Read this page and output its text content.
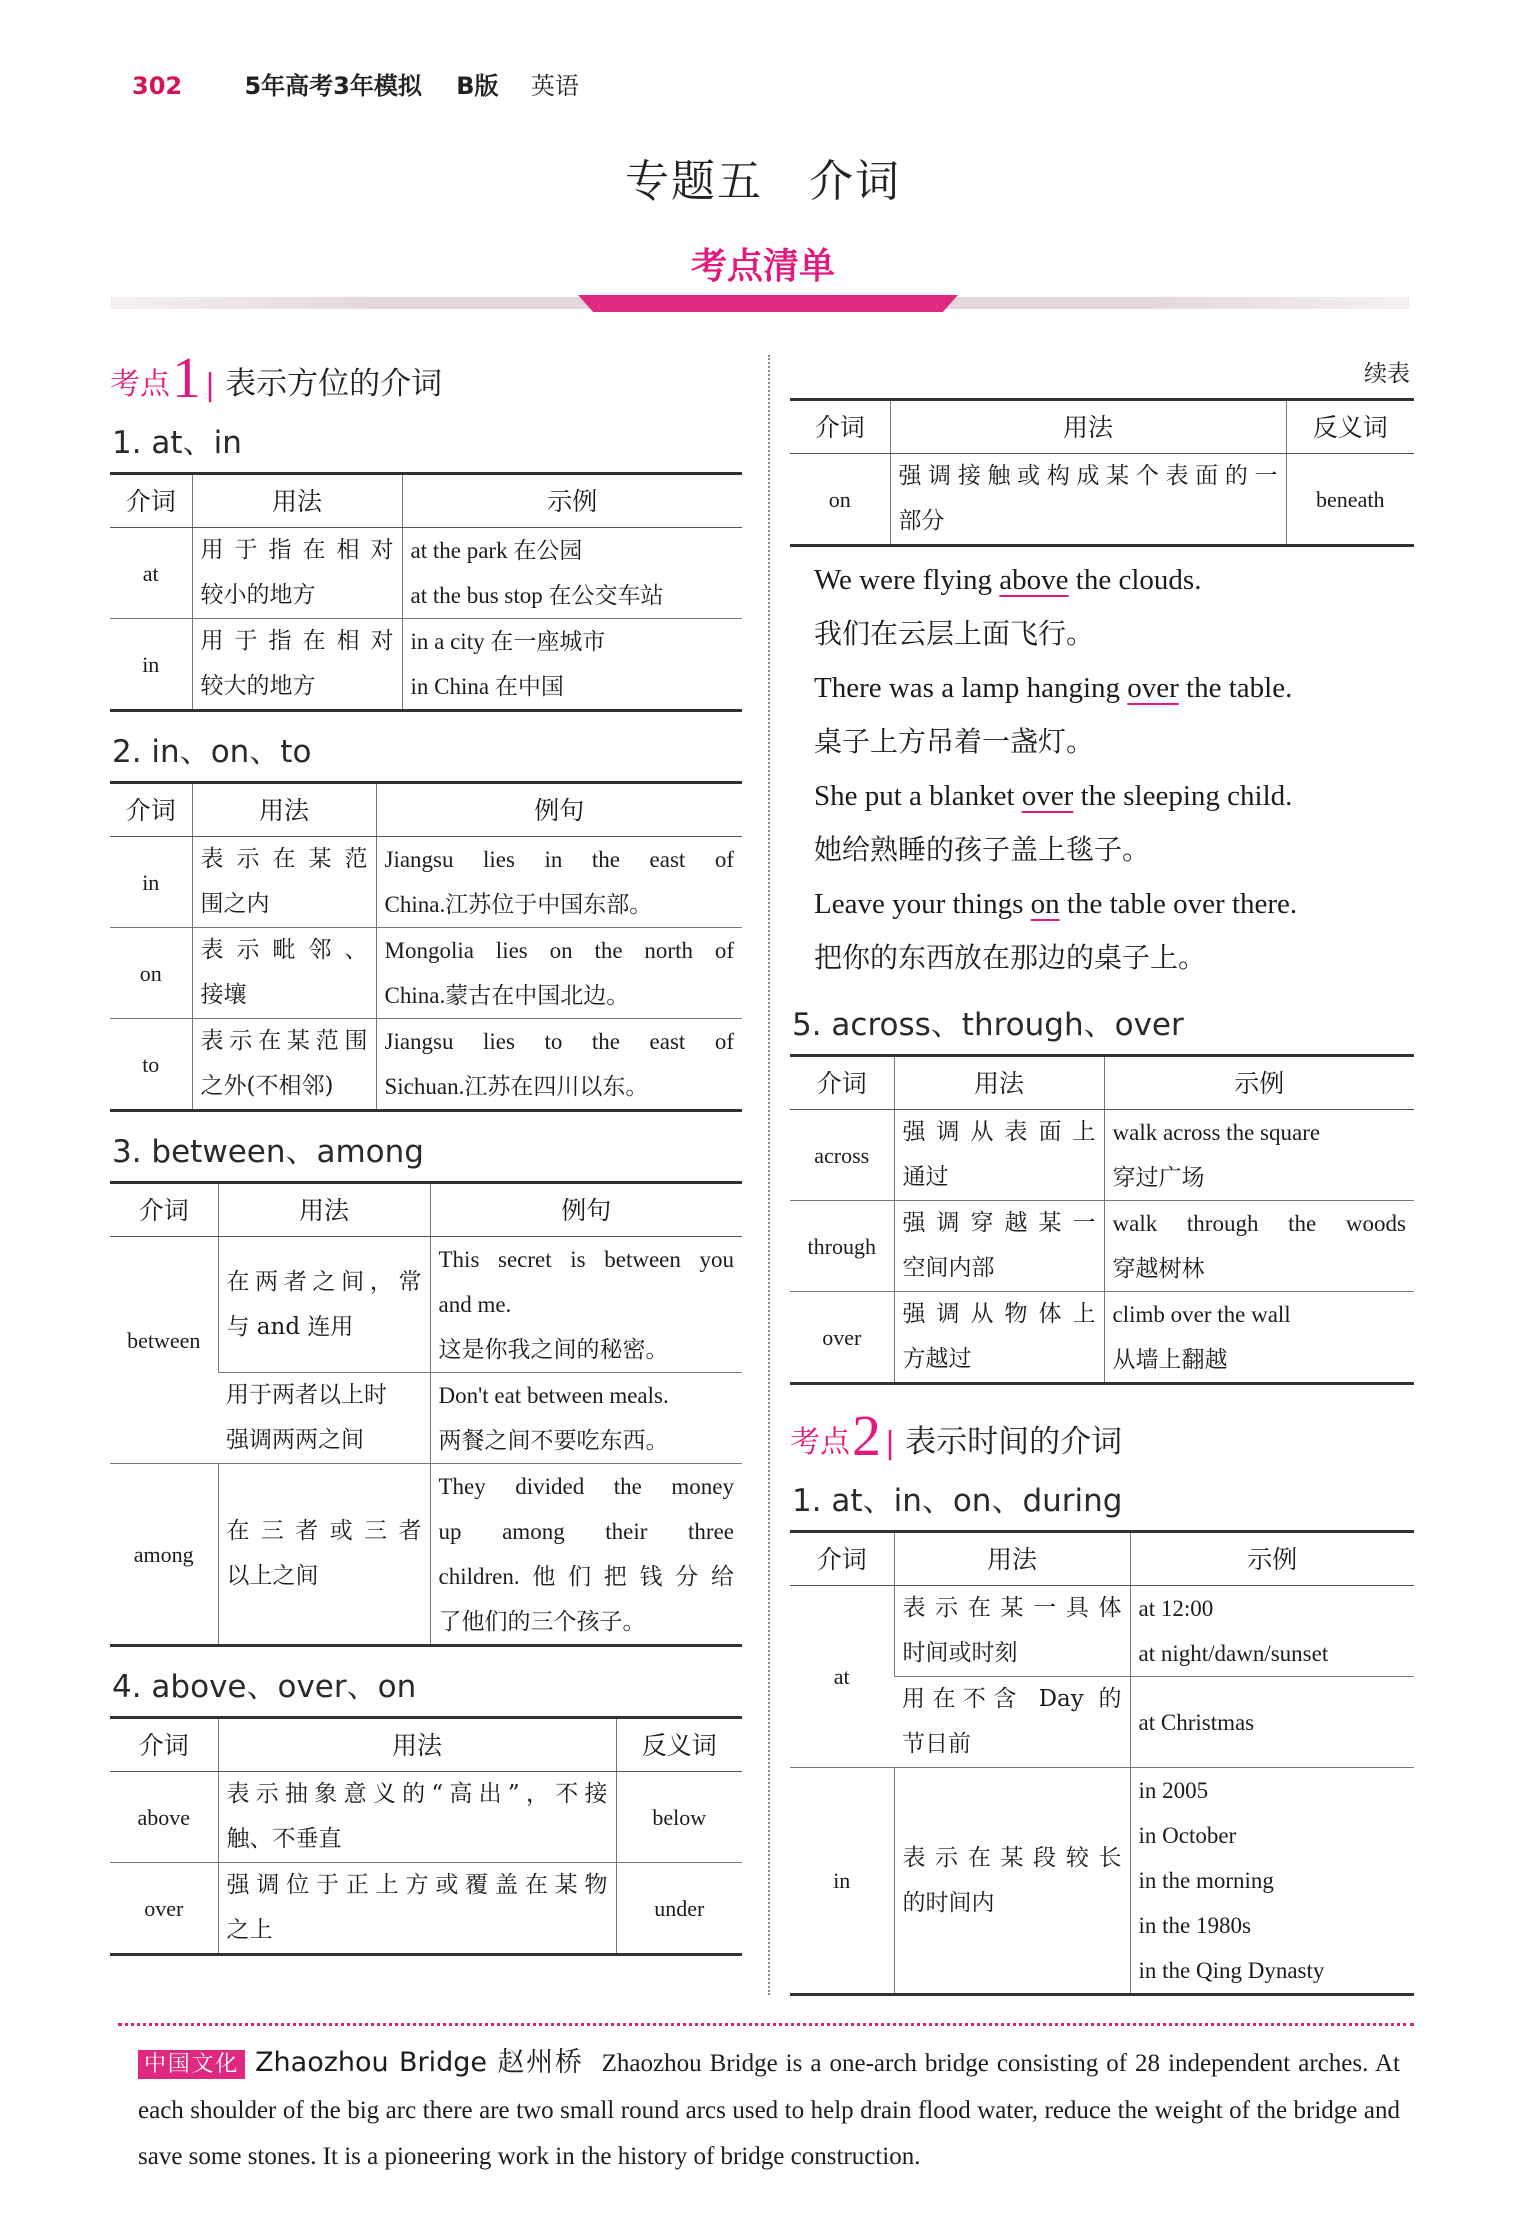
302	5年高考3年模拟 B版 英语
专题五　介词
考点清单
考点 1 | 表示方位的介词
1. at、in
介词	用法	示例
at	用于指在相对
较小的地方	at the park 在公园
at the bus stop 在公交车站

in	用于指在相对
较大的地方	in a city 在一座城市
in China 在中国
2. in、on、to
介词	用法	例句
in	表示在某范
围之内	Jiangsu lies in the east of
China.江苏位于中国东部。

on	表示毗邻、
接壤	Mongolia lies on the north of
China.蒙古在中国北边。

to	表示在某范围
之外(不相邻)	Jiangsu lies to the east of
Sichuan.江苏在四川以东。
3. between、among
介词	用法	例句
between	在两者之间，常
与 and 连用	This secret is between you
and me.
这是你我之间的秘密。

	用于两者以上时
强调两两之间	Don't eat between meals.
两餐之间不要吃东西。

among	在三者或三者
以上之间	They divided the money
up among their three
children.他们把钱分给
了他们的三个孩子。
4. above、over、on
介词	用法	反义词
above	表示抽象意义的“高出”，不接
触、不垂直	below
over	强调位于正上方或覆盖在某物
之上	under
续表
介词	用法	反义词
on	强调接触或构成某个表面的一
部分	beneath
We were flying above the clouds.
我们在云层上面飞行。
There was a lamp hanging over the table.
桌子上方吊着一盏灯。
She put a blanket over the sleeping child.
她给熟睡的孩子盖上毯子。
Leave your things on the table over there.
把你的东西放在那边的桌子上。
5. across、through、over
介词	用法	示例
across	强调从表面上
通过	walk across the square
穿过广场

through	强调穿越某一
空间内部	walk through the woods
穿越树林

over	强调从物体上
方越过	climb over the wall
从墙上翻越
考点 2 | 表示时间的介词
1. at、in、on、during
介词	用法	示例
at	表示在某一具体
时间或时刻	at 12:00
at night/dawn/sunset

	用在不含 Day 的
节日前	at Christmas

in	表示在某段较长
的时间内	in 2005
in October
in the morning
in the 1980s
in the Qing Dynasty
中国文化 Zhaozhou Bridge 赵州桥 Zhaozhou Bridge is a one-arch bridge consisting of 28 independent arches. At each shoulder of the big arc there are two small round arcs used to help drain flood water, reduce the weight of the bridge and save some stones. It is a pioneering work in the history of bridge construction.
